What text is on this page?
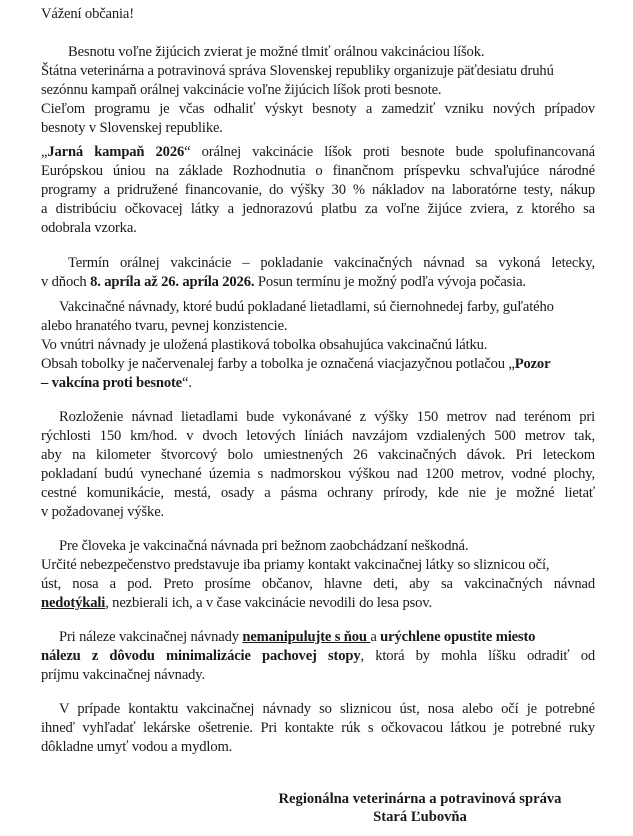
Vážení občania!
Besnotu voľne žijúcich zvierat je možné tlmiť orálnou vakcináciou líšok.
Štátna veterinárna a potravinová správa Slovenskej republiky organizuje päťdesiatu druhú
sezónnu kampaň orálnej vakcinácie voľne žijúcich líšok proti besnote.
Cieľom programu je včas odhaliť výskyt besnoty a zamedziť vzniku nových prípadov
besnoty v Slovenskej republike.
„Jarná kampaň 2026“ orálnej vakcinácie líšok proti besnote bude spolufinancovaná
Európskou úniou na základe Rozhodnutia o finančnom príspevku schvaľujúce národné
programy a pridružené financovanie, do výšky 30 % nákladov na laboratórne testy, nákup
a distribúciu očkovacej látky a jednorazovú platbu za voľne žijúce zviera, z ktorého sa
odobrala vzorka.
Termín orálnej vakcinácie – pokladanie vakcinačných návnad sa vykoná letecky,
v dňoch 8. apríla až 26. apríla 2026. Posun termínu je možný podľa vývoja počasia.
Vakcinačné návnady, ktoré budú pokladané lietadlami, sú čiernohnedej farby, guľatého
alebo hranatého tvaru, pevnej konzistencie.
Vo vnútri návnady je uložená plastiková tobolka obsahujúca vakcinačnú látku.
Obsah tobolky je načervenalej farby a tobolka je označená viacjazyčnou potlačou „Pozor
– vakcína proti besnote“.
Rozloženie návnad lietadlami bude vykonávané z výšky 150 metrov nad terénom pri
rýchlosti 150 km/hod. v dvoch letových líniách navzájom vzdialených 500 metrov tak,
aby na kilometer štvorcový bolo umiestnených 26 vakcinačných dávok. Pri leteckom
pokladaní budú vynechané územia s nadmorskou výškou nad 1200 metrov, vodné plochy,
cestné komunikácie, mestá, osady a pásma ochrany prírody, kde nie je možné lietať
v požadovanej výške.
Pre človeka je vakcinačná návnada pri bežnom zaobchádzaní neškodná.
Určité nebezpečenstvo predstavuje iba priamy kontakt vakcinačnej látky so sliznicou očí,
úst, nosa a pod. Preto prosíme občanov, hlavne deti, aby sa vakcinačných návnad
nedotýkali, nezbierali ich, a v čase vakcinácie nevodili do lesa psov.
Pri náleze vakcinačnej návnady nemanipulujte s ňou a urýchlene opustite miesto
nálezu z dôvodu minimalizácie pachovej stopy, ktorá by mohla líšku odradiť od
príjmu vakcinačnej návnady.
V prípade kontaktu vakcinačnej návnady so sliznicou úst, nosa alebo očí je potrebné
ihneď vyhľadať lekárske ošetrenie. Pri kontakte rúk s očkovacou látkou je potrebné ruky
dôkladne umyť vodou a mydlom.
Regionálna veterinárna a potravinová správa
Stará Ľubovňa
